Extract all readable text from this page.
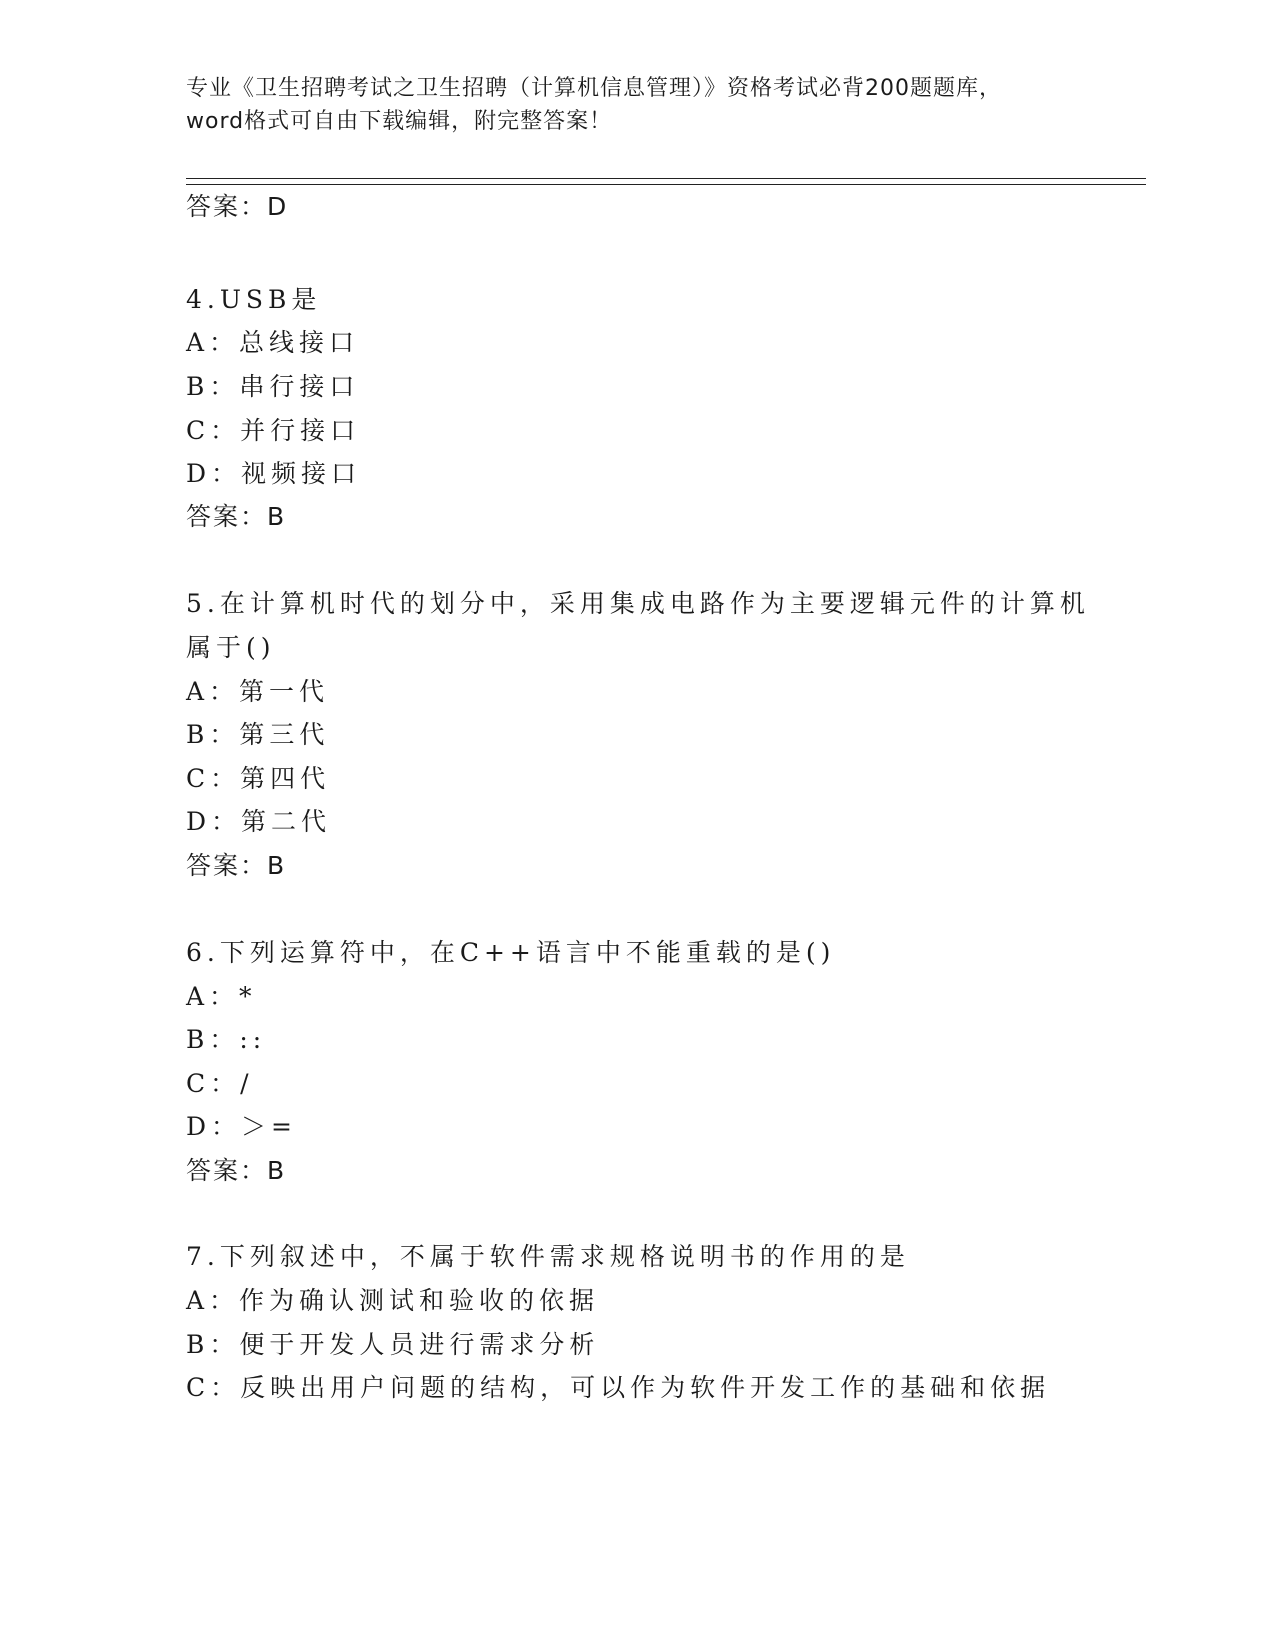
专业《卫生招聘考试之卫生招聘（计算机信息管理）》资格考试必背200题题库，
word格式可自由下载编辑，附完整答案！
答案：D
4.USB是
A：总线接口
B：串行接口
C：并行接口
D：视频接口
答案：B
5.在计算机时代的划分中，采用集成电路作为主要逻辑元件的计算机
属于()
A：第一代
B：第三代
C：第四代
D：第二代
答案：B
6.下列运算符中，在C++语言中不能重载的是()
A：*
B：::
C：/
D：＞=
答案：B
7.下列叙述中，不属于软件需求规格说明书的作用的是
A：作为确认测试和验收的依据
B：便于开发人员进行需求分析
C：反映出用户问题的结构，可以作为软件开发工作的基础和依据
